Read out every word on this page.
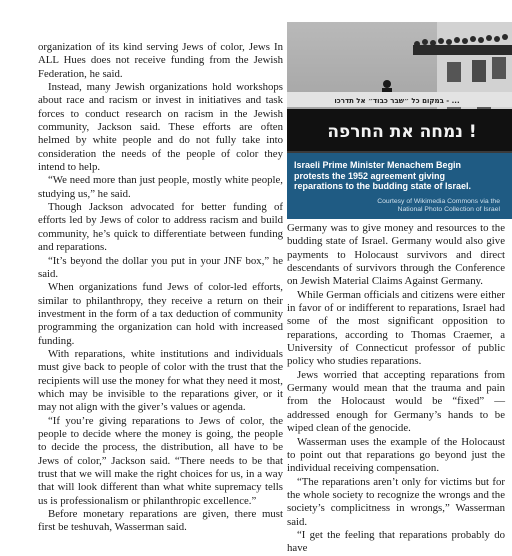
organization of its kind serving Jews of color, Jews In ALL Hues does not receive funding from the Jewish Federation, he said.

Instead, many Jewish organizations hold workshops about race and racism or invest in initiatives and task forces to conduct research on racism in the Jewish community, Jackson said. These efforts are often helmed by white people and do not fully take into consideration the needs of the people of color they intend to help.

“We need more than just people, mostly white people, studying us,” he said.

Though Jackson advocated for better funding of efforts led by Jews of color to address racism and build community, he’s quick to differentiate between funding and reparations.

“It’s beyond the dollar you put in your JNF box,” he said.

When organizations fund Jews of color-led efforts, similar to philanthropy, they receive a return on their investment in the form of a tax deduction of community programming the organization can hold with increased funding.

With reparations, white institutions and individuals must give back to people of color with the trust that the recipients will use the money for what they need it most, which may be invisible to the reparations giver, or it may not align with the giver’s values or agenda.

“If you’re giving reparations to Jews of color, the people to decide where the money is going, the people to decide the process, the distribution, all have to be Jews of color,” Jackson said. “There needs to be that trust that we will make the right choices for us, in a way that will look different than what white supremacy tells us is professionalism or philanthropic excellence.”

Before monetary reparations are given, there must first be teshuvah, Wasserman said.

במקום כל ״שבר כבוד״ אל תדרכו - ...
נמחה את החרפה !
Israeli Prime Minister Menachem Begin
protests the 1952 agreement giving
reparations to the budding state of Israel.
Courtesy of Wikimedia Commons via the
National Photo Collection of Israel

Germany was to give money and resources to the budding state of Israel. Germany would also give payments to Holocaust survivors and direct descendants of survivors through the Conference on Jewish Material Claims Against Germany.

While German officials and citizens were either in favor of or indifferent to reparations, Israel had some of the most significant opposition to reparations, according to Thomas Craemer, a University of Connecticut professor of public policy who studies reparations.

Jews worried that accepting reparations from Germany would mean that the trauma and pain from the Holocaust would be “fixed” — addressed enough for Germany’s hands to be wiped clean of the genocide.

Wasserman uses the example of the Holocaust to point out that reparations go beyond just the individual receiving compensation.

“The reparations aren’t only for victims but for the whole society to recognize the wrongs and the society’s complicitness in wrongs,” Wasserman said.

“I get the feeling that reparations probably do have
